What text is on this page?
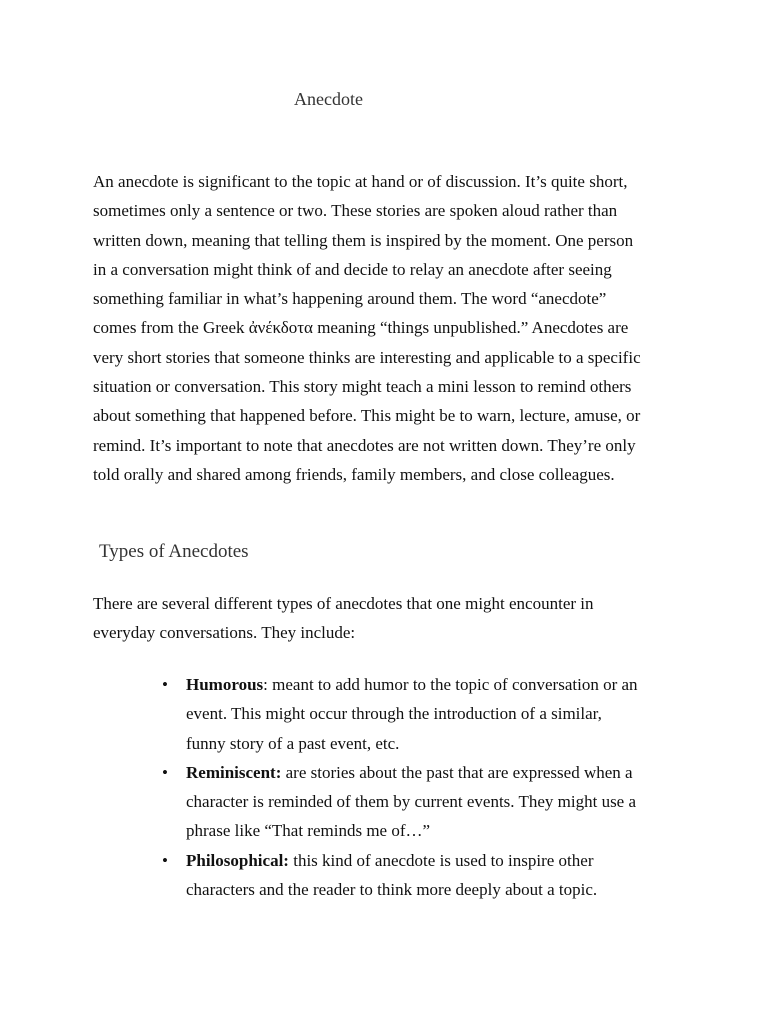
Anecdote

An anecdote is significant to the topic at hand or of discussion. It’s quite short,
sometimes only a sentence or two. These stories are spoken aloud rather than
written down, meaning that telling them is inspired by the moment. One person
in a conversation might think of and decide to relay an anecdote after seeing
something familiar in what’s happening around them. The word “anecdote”
comes from the Greek ἀνέκδοτα meaning “things unpublished.” Anecdotes are
very short stories that someone thinks are interesting and applicable to a specific
situation or conversation. This story might teach a mini lesson to remind others
about something that happened before. This might be to warn, lecture, amuse, or
remind. It’s important to note that anecdotes are not written down. They’re only
told orally and shared among friends, family members, and close colleagues.

Types of Anecdotes

There are several different types of anecdotes that one might encounter in
everyday conversations. They include:

• Humorous: meant to add humor to the topic of conversation or an
event. This might occur through the introduction of a similar,
funny story of a past event, etc.
• Reminiscent: are stories about the past that are expressed when a
character is reminded of them by current events. They might use a
phrase like “That reminds me of…”
• Philosophical: this kind of anecdote is used to inspire other
characters and the reader to think more deeply about a topic.
